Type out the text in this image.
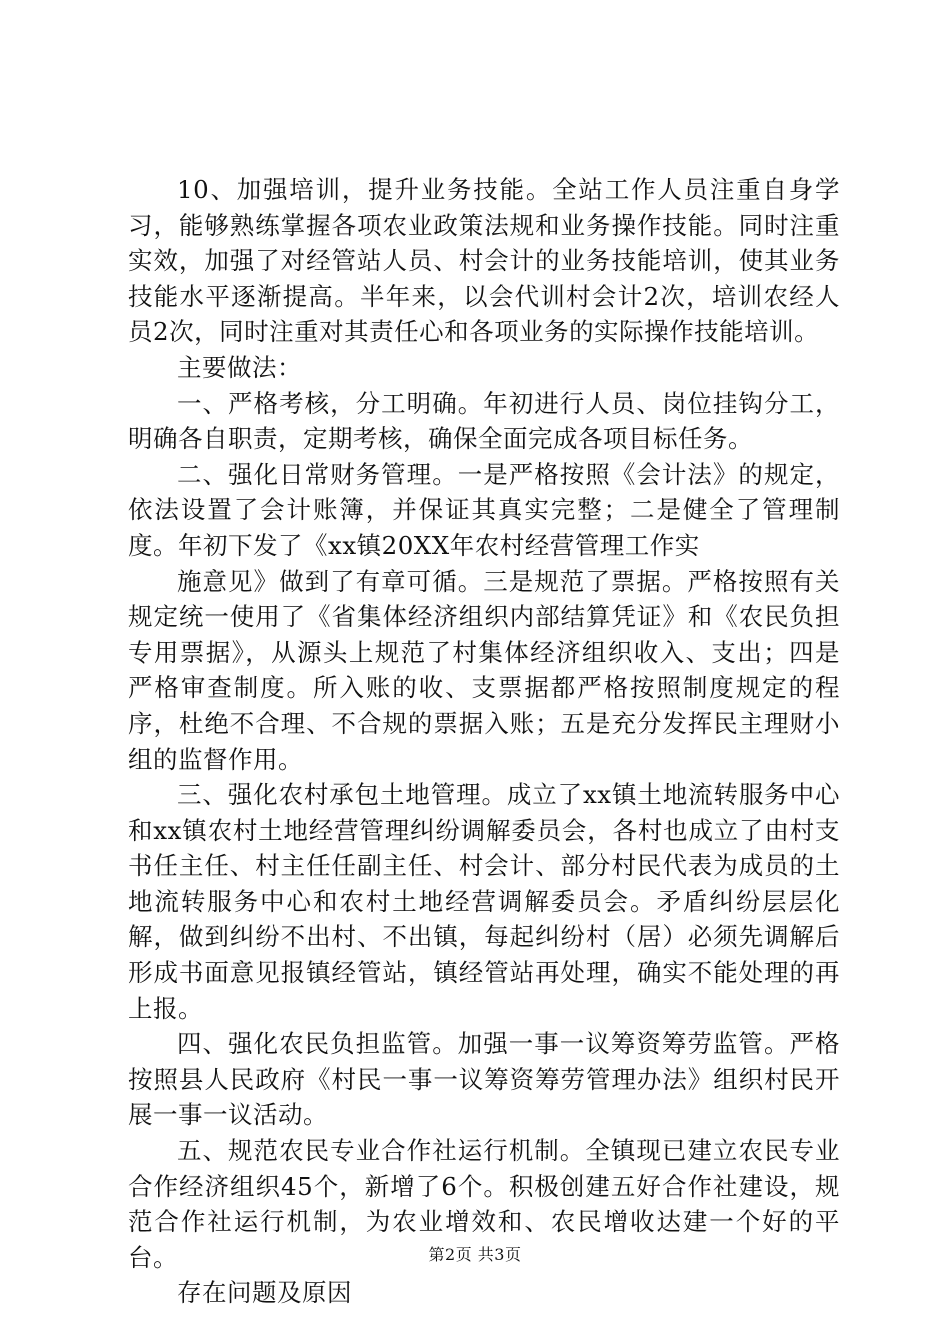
10、加强培训，提升业务技能。全站工作人员注重自身学习，能够熟练掌握各项农业政策法规和业务操作技能。同时注重实效，加强了对经管站人员、村会计的业务技能培训，使其业务技能水平逐渐提高。半年来，以会代训村会计2次，培训农经人员2次，同时注重对其责任心和各项业务的实际操作技能培训。

主要做法：

一、严格考核，分工明确。年初进行人员、岗位挂钩分工，明确各自职责，定期考核，确保全面完成各项目标任务。

二、强化日常财务管理。一是严格按照《会计法》的规定，依法设置了会计账簿，并保证其真实完整；二是健全了管理制度。年初下发了《xx镇20XX年农村经营管理工作实

施意见》做到了有章可循。三是规范了票据。严格按照有关规定统一使用了《省集体经济组织内部结算凭证》和《农民负担专用票据》，从源头上规范了村集体经济组织收入、支出；四是严格审查制度。所入账的收、支票据都严格按照制度规定的程序，杜绝不合理、不合规的票据入账；五是充分发挥民主理财小组的监督作用。

三、强化农村承包土地管理。成立了xx镇土地流转服务中心和xx镇农村土地经营管理纠纷调解委员会，各村也成立了由村支书任主任、村主任任副主任、村会计、部分村民代表为成员的土地流转服务中心和农村土地经营调解委员会。矛盾纠纷层层化解，做到纠纷不出村、不出镇，每起纠纷村（居）必须先调解后形成书面意见报镇经管站，镇经管站再处理，确实不能处理的再上报。

四、强化农民负担监管。加强一事一议筹资筹劳监管。严格按照县人民政府《村民一事一议筹资筹劳管理办法》组织村民开展一事一议活动。

五、规范农民专业合作社运行机制。全镇现已建立农民专业合作经济组织45个，新增了6个。积极创建五好合作社建设，规范合作社运行机制，为农业增效和、农民增收达建一个好的平台。

存在问题及原因

第2页 共3页
